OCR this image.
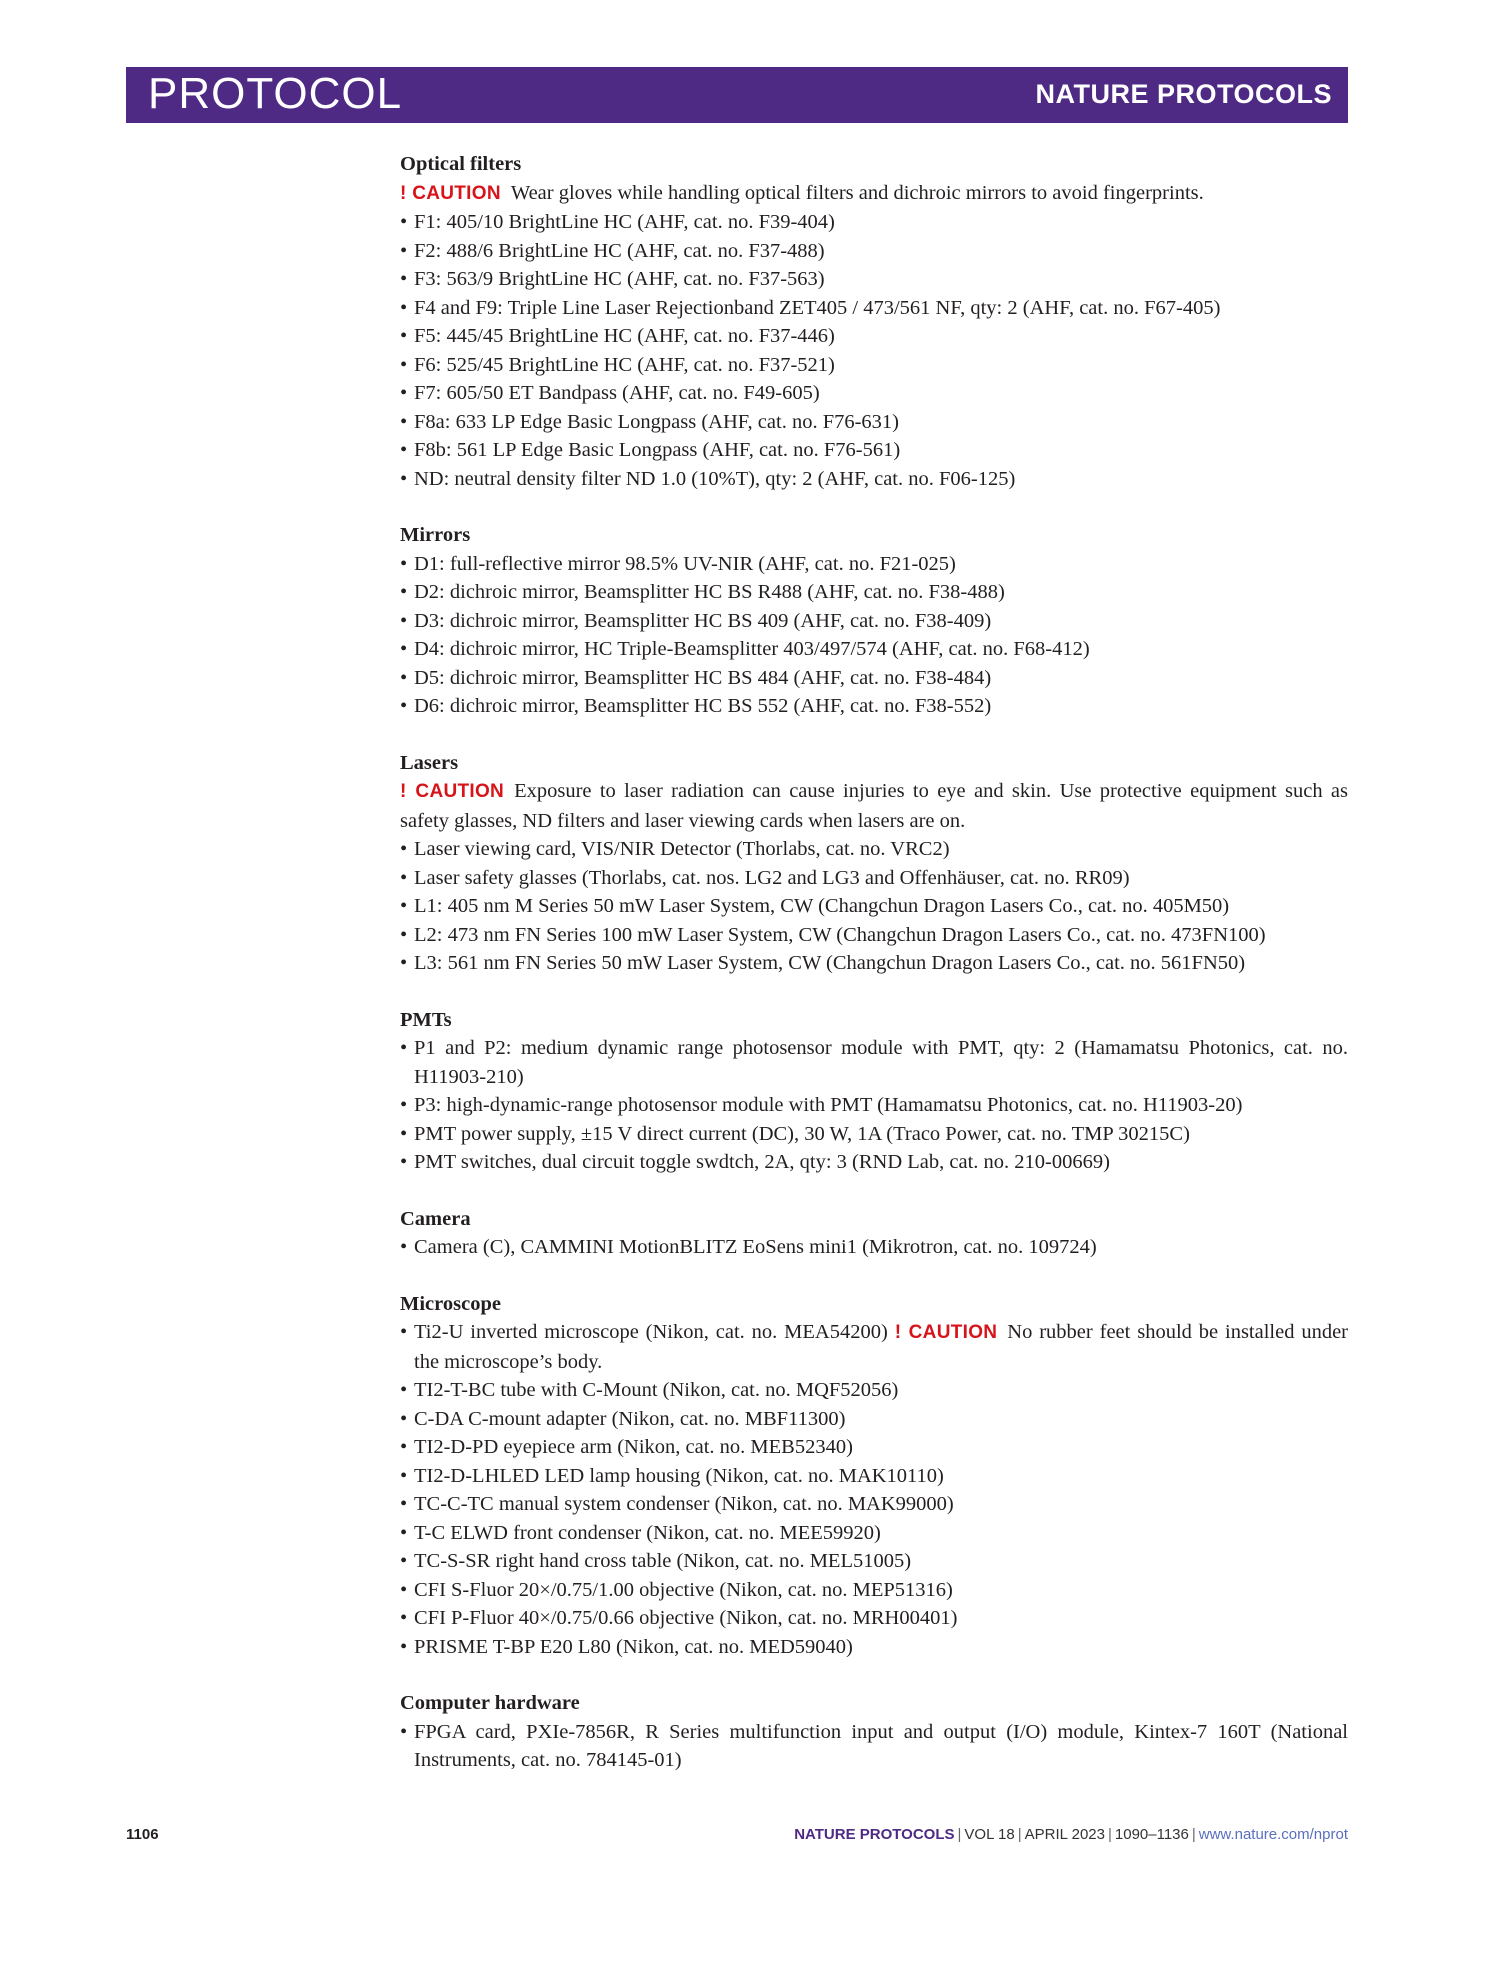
PROTOCOL	NATURE PROTOCOLS
Optical filters
! CAUTION Wear gloves while handling optical filters and dichroic mirrors to avoid fingerprints.
• F1: 405/10 BrightLine HC (AHF, cat. no. F39-404)
• F2: 488/6 BrightLine HC (AHF, cat. no. F37-488)
• F3: 563/9 BrightLine HC (AHF, cat. no. F37-563)
• F4 and F9: Triple Line Laser Rejectionband ZET405 / 473/561 NF, qty: 2 (AHF, cat. no. F67-405)
• F5: 445/45 BrightLine HC (AHF, cat. no. F37-446)
• F6: 525/45 BrightLine HC (AHF, cat. no. F37-521)
• F7: 605/50 ET Bandpass (AHF, cat. no. F49-605)
• F8a: 633 LP Edge Basic Longpass (AHF, cat. no. F76-631)
• F8b: 561 LP Edge Basic Longpass (AHF, cat. no. F76-561)
• ND: neutral density filter ND 1.0 (10%T), qty: 2 (AHF, cat. no. F06-125)
Mirrors
• D1: full-reflective mirror 98.5% UV-NIR (AHF, cat. no. F21-025)
• D2: dichroic mirror, Beamsplitter HC BS R488 (AHF, cat. no. F38-488)
• D3: dichroic mirror, Beamsplitter HC BS 409 (AHF, cat. no. F38-409)
• D4: dichroic mirror, HC Triple-Beamsplitter 403/497/574 (AHF, cat. no. F68-412)
• D5: dichroic mirror, Beamsplitter HC BS 484 (AHF, cat. no. F38-484)
• D6: dichroic mirror, Beamsplitter HC BS 552 (AHF, cat. no. F38-552)
Lasers
! CAUTION Exposure to laser radiation can cause injuries to eye and skin. Use protective equipment such as safety glasses, ND filters and laser viewing cards when lasers are on.
• Laser viewing card, VIS/NIR Detector (Thorlabs, cat. no. VRC2)
• Laser safety glasses (Thorlabs, cat. nos. LG2 and LG3 and Offenhäuser, cat. no. RR09)
• L1: 405 nm M Series 50 mW Laser System, CW (Changchun Dragon Lasers Co., cat. no. 405M50)
• L2: 473 nm FN Series 100 mW Laser System, CW (Changchun Dragon Lasers Co., cat. no. 473FN100)
• L3: 561 nm FN Series 50 mW Laser System, CW (Changchun Dragon Lasers Co., cat. no. 561FN50)
PMTs
• P1 and P2: medium dynamic range photosensor module with PMT, qty: 2 (Hamamatsu Photonics, cat. no. H11903-210)
• P3: high-dynamic-range photosensor module with PMT (Hamamatsu Photonics, cat. no. H11903-20)
• PMT power supply, ±15 V direct current (DC), 30 W, 1A (Traco Power, cat. no. TMP 30215C)
• PMT switches, dual circuit toggle swdtch, 2A, qty: 3 (RND Lab, cat. no. 210-00669)
Camera
• Camera (C), CAMMINI MotionBLITZ EoSens mini1 (Mikrotron, cat. no. 109724)
Microscope
• Ti2-U inverted microscope (Nikon, cat. no. MEA54200) ! CAUTION No rubber feet should be installed under the microscope’s body.
• TI2-T-BC tube with C-Mount (Nikon, cat. no. MQF52056)
• C-DA C-mount adapter (Nikon, cat. no. MBF11300)
• TI2-D-PD eyepiece arm (Nikon, cat. no. MEB52340)
• TI2-D-LHLED LED lamp housing (Nikon, cat. no. MAK10110)
• TC-C-TC manual system condenser (Nikon, cat. no. MAK99000)
• T-C ELWD front condenser (Nikon, cat. no. MEE59920)
• TC-S-SR right hand cross table (Nikon, cat. no. MEL51005)
• CFI S-Fluor 20×/0.75/1.00 objective (Nikon, cat. no. MEP51316)
• CFI P-Fluor 40×/0.75/0.66 objective (Nikon, cat. no. MRH00401)
• PRISME T-BP E20 L80 (Nikon, cat. no. MED59040)
Computer hardware
• FPGA card, PXIe-7856R, R Series multifunction input and output (I/O) module, Kintex-7 160T (National Instruments, cat. no. 784145-01)
1106	NATURE PROTOCOLS | VOL 18 | APRIL 2023 | 1090–1136 | www.nature.com/nprot
